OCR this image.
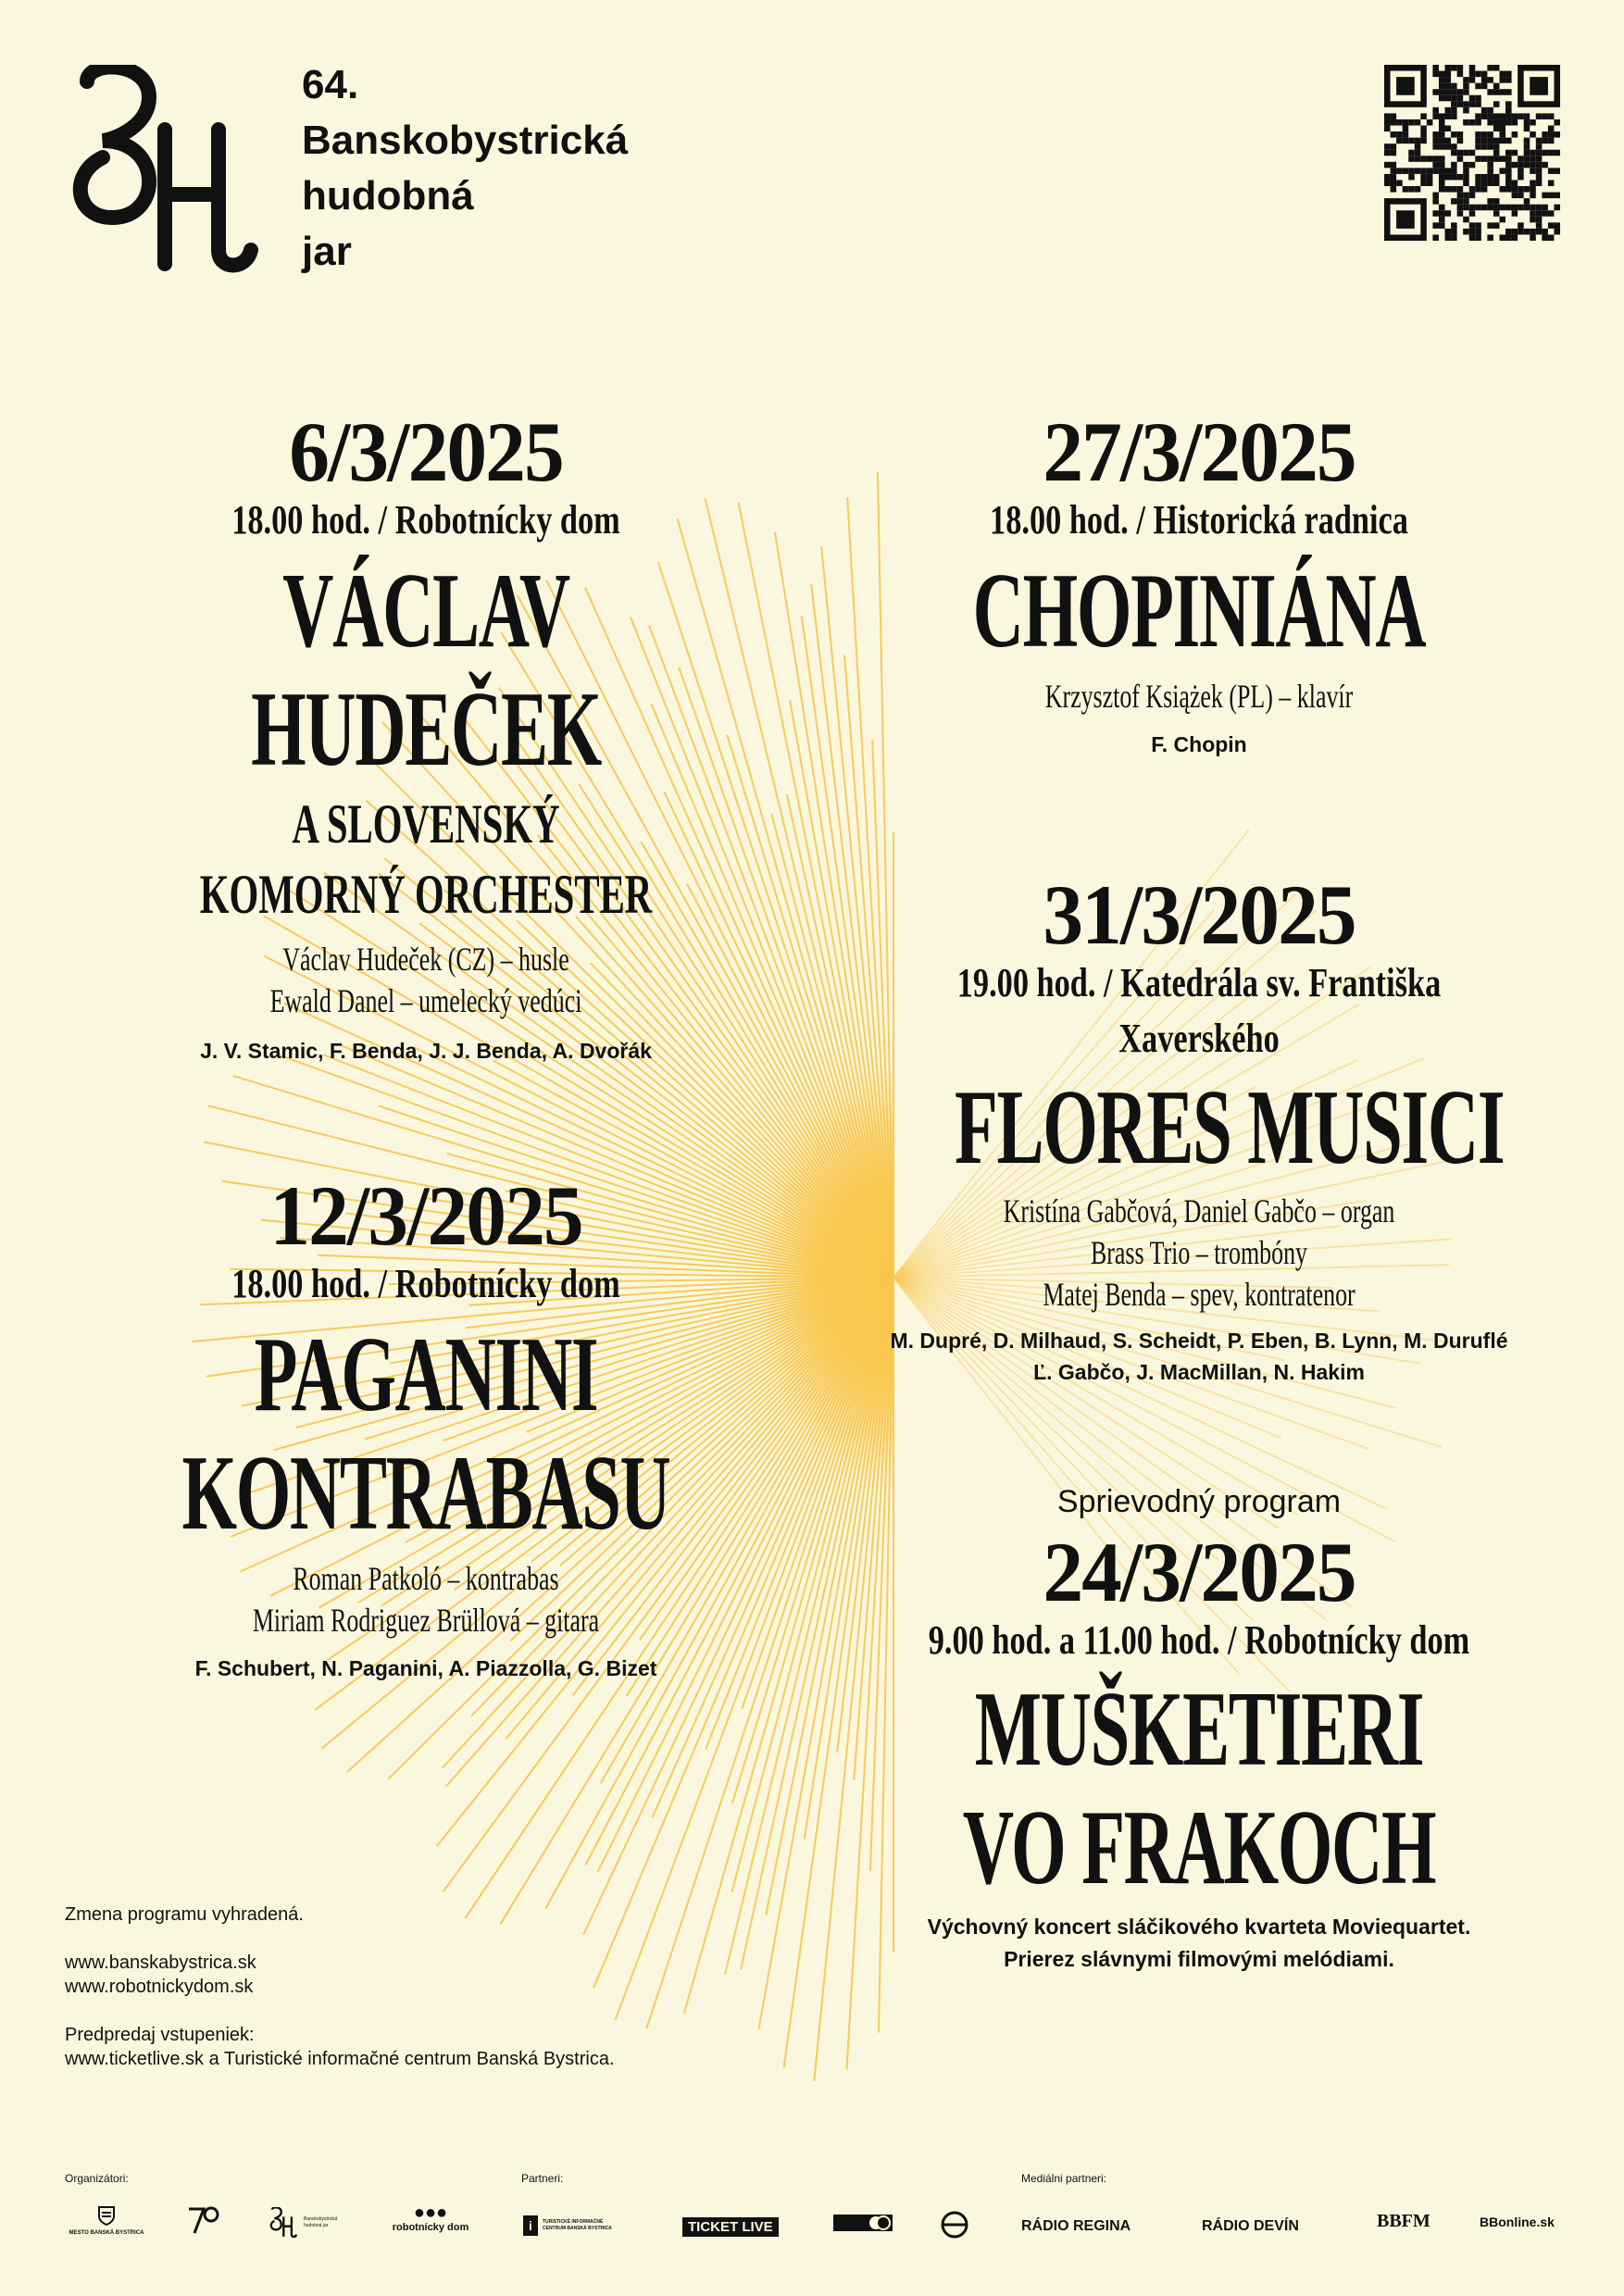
64.
Banskobystrická
hudobná
jar
6/3/2025
18.00 hod. / Robotnícky dom
VÁCLAV
HUDEČEK
A SLOVENSKÝ
KOMORNÝ ORCHESTER
Václav Hudeček (CZ) – husle
Ewald Danel – umelecký vedúci
J. V. Stamic, F. Benda, J. J. Benda, A. Dvořák
12/3/2025
18.00 hod. / Robotnícky dom
PAGANINI
KONTRABASU
Roman Patkoló – kontrabas
Miriam Rodriguez Brüllová – gitara
F. Schubert, N. Paganini, A. Piazzolla, G. Bizet
27/3/2025
18.00 hod. / Historická radnica
CHOPINIÁNA
Krzysztof Książek (PL) – klavír
F. Chopin
31/3/2025
19.00 hod. / Katedrála sv. Františka
Xaverského
FLORES MUSICI
Kristína Gabčová, Daniel Gabčo – organ
Brass Trio – trombóny
Matej Benda – spev, kontratenor
M. Dupré, D. Milhaud, S. Scheidt, P. Eben, B. Lynn, M. Duruflé
Ľ. Gabčo, J. MacMillan, N. Hakim
Sprievodný program
24/3/2025
9.00 hod. a 11.00 hod. / Robotnícky dom
MUŠKETIERI
VO FRAKOCH
Výchovný koncert sláčikového kvarteta Moviequartet.
Prierez slávnymi filmovými melódiami.
Zmena programu vyhradená.
www.banskabystrica.sk
www.robotnickydom.sk
Predpredaj vstupeniek:
www.ticketlive.sk a Turistické informačné centrum Banská Bystrica.
Organizátori:	Partneri:	Mediálni partneri:
MESTO BANSKÁ BYSTRICA
Banskobystrická hudobná jar
●●●
robotnícky dom	i	TURISTICKÉ INFORMAČNÉ CENTRUM BANSKÁ BYSTRICA	TICKET LIVE	RÁDIO REGINA	RÁDIO DEVÍN	BBFM	BBonline.sk
